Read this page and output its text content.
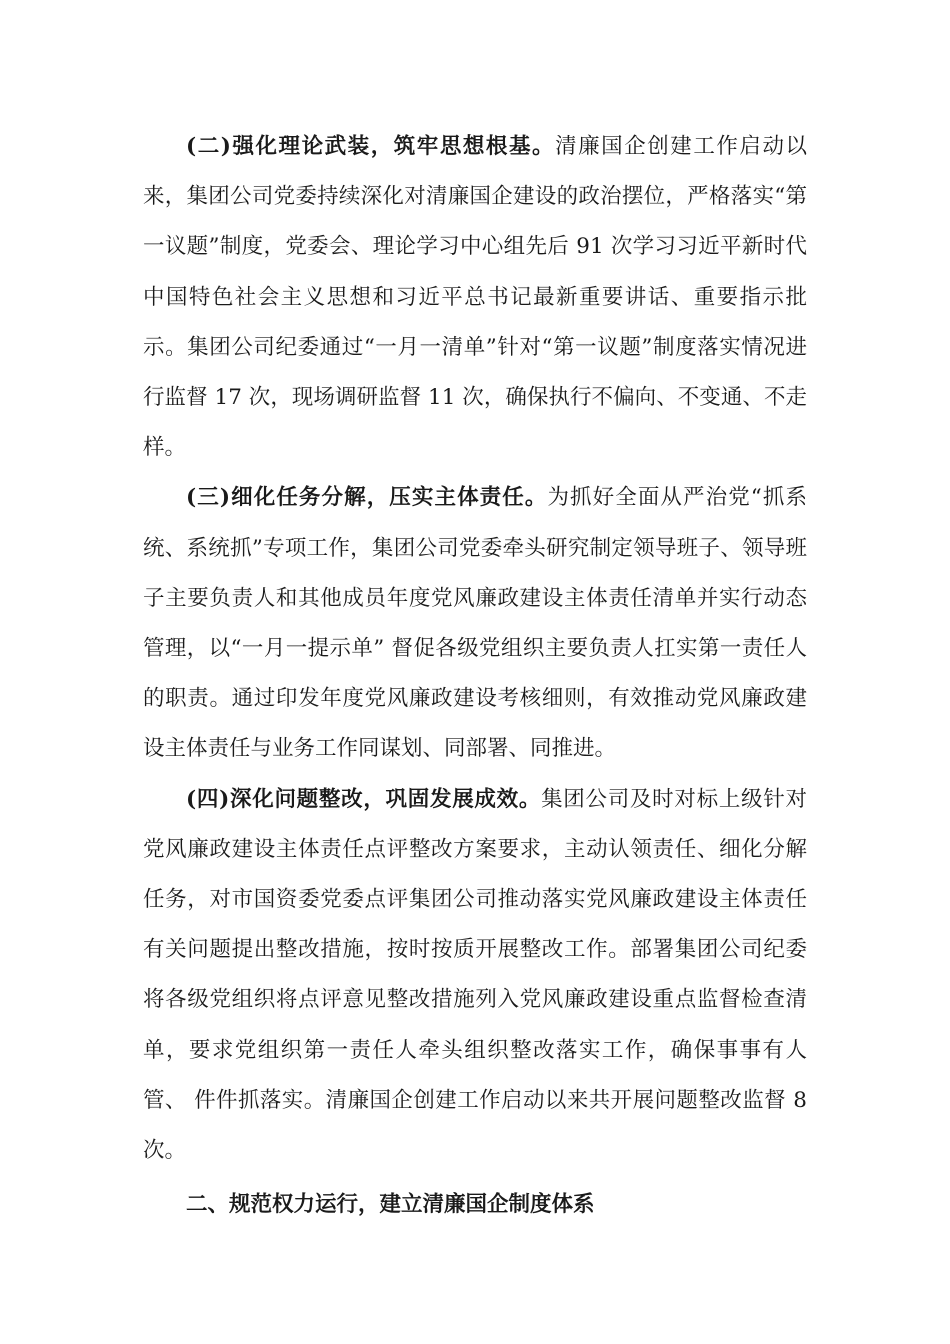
(二)强化理论武装，筑牢思想根基。清廉国企创建工作启动以来，集团公司党委持续深化对清廉国企建设的政治摆位，严格落实“第一议题”制度，党委会、理论学习中心组先后 91 次学习习近平新时代中国特色社会主义思想和习近平总书记最新重要讲话、重要指示批示。集团公司纪委通过“一月一清单”针对“第一议题”制度落实情况进行监督 17 次，现场调研监督 11 次，确保执行不偏向、不变通、不走样。

(三)细化任务分解，压实主体责任。为抓好全面从严治党“抓系统、系统抓”专项工作，集团公司党委牵头研究制定领导班子、领导班子主要负责人和其他成员年度党风廉政建设主体责任清单并实行动态管理，以“一月一提示单” 督促各级党组织主要负责人扛实第一责任人的职责。通过印发年度党风廉政建设考核细则，有效推动党风廉政建设主体责任与业务工作同谋划、同部署、同推进。

(四)深化问题整改，巩固发展成效。集团公司及时对标上级针对党风廉政建设主体责任点评整改方案要求，主动认领责任、细化分解任务，对市国资委党委点评集团公司推动落实党风廉政建设主体责任有关问题提出整改措施，按时按质开展整改工作。部署集团公司纪委将各级党组织将点评意见整改措施列入党风廉政建设重点监督检查清单，要求党组织第一责任人牵头组织整改落实工作，确保事事有人管、 件件抓落实。清廉国企创建工作启动以来共开展问题整改监督 8 次。

二、规范权力运行，建立清廉国企制度体系
